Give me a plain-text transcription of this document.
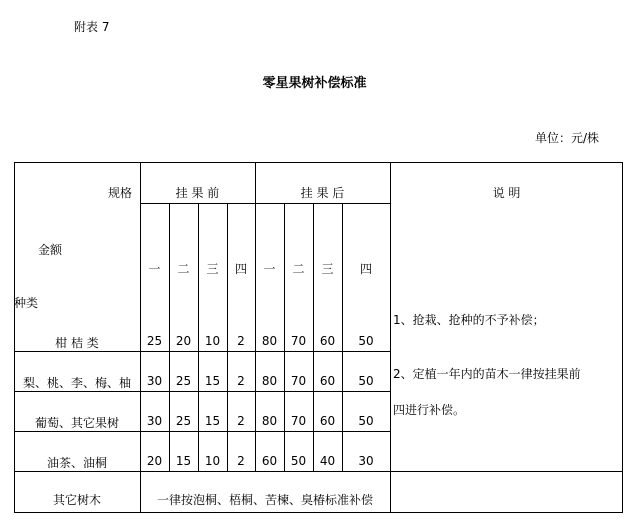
附表 7
零星果树补偿标准
单位：元/株
规格
金额
种类
挂 果 前	挂 果 后	说 明
一	二	三	四	一	二	三	四
柑 桔 类	25	20	10	2	80	70	60	50
梨、桃、李、梅、柚	30	25	15	2	80	70	60	50
葡萄、其它果树	30	25	15	2	80	70	60	50
油茶、油桐	20	15	10	2	60	50	40	30
其它树木	一律按泡桐、梧桐、苦楝、臭椿标准补偿
1、抢栽、抢种的不予补偿；
2、定植一年内的苗木一律按挂果前
四进行补偿。
